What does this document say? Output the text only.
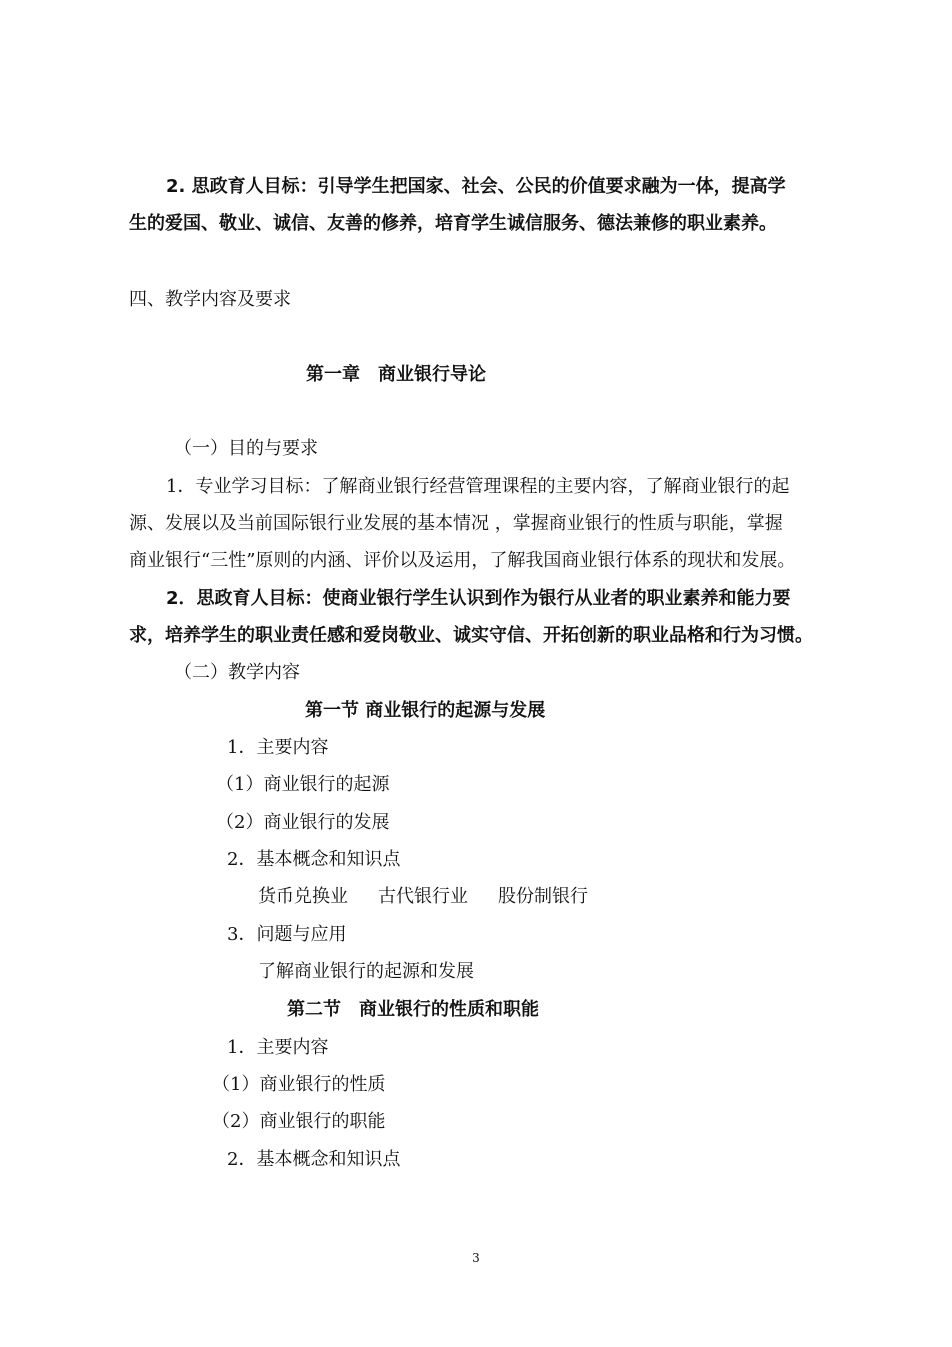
2. 思政育人目标：引导学生把国家、社会、公民的价值要求融为一体，提高学
生的爱国、敬业、诚信、友善的修养，培育学生诚信服务、德法兼修的职业素养。
四、教学内容及要求
第一章　商业银行导论
（一）目的与要求
1．专业学习目标：了解商业银行经营管理课程的主要内容，了解商业银行的起
源、发展以及当前国际银行业发展的基本情况 ，掌握商业银行的性质与职能，掌握
商业银行“三性”原则的内涵、评价以及运用，了解我国商业银行体系的现状和发展。
2．思政育人目标：使商业银行学生认识到作为银行从业者的职业素养和能力要
求，培养学生的职业责任感和爱岗敬业、诚实守信、开拓创新的职业品格和行为习惯。
（二）教学内容
第一节 商业银行的起源与发展
1．主要内容
（1）商业银行的起源
（2）商业银行的发展
2．基本概念和知识点
货币兑换业 古代银行业 股份制银行
3．问题与应用
了解商业银行的起源和发展
第二节　商业银行的性质和职能
1．主要内容
（1）商业银行的性质
（2）商业银行的职能
2．基本概念和知识点
3
